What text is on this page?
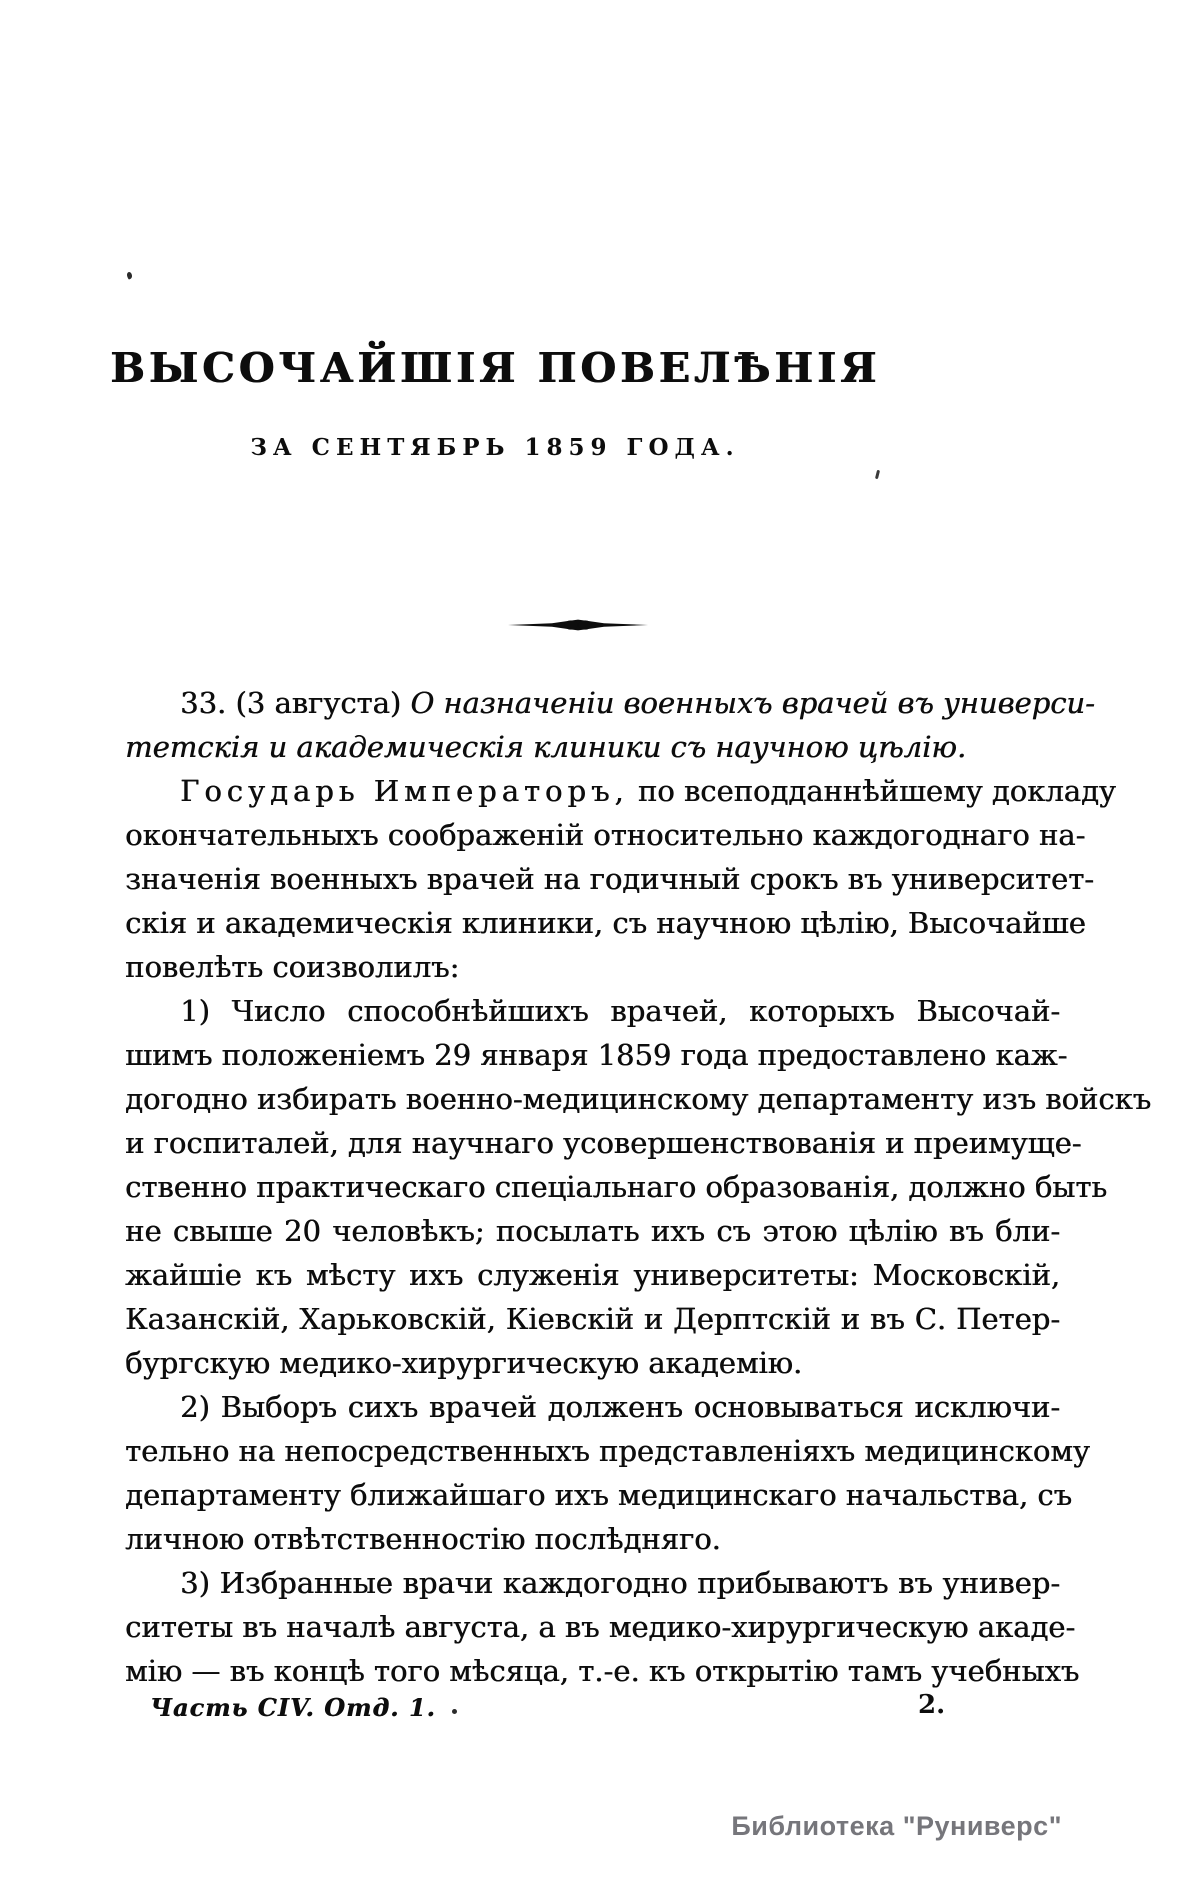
ВЫСОЧАЙШІЯ ПОВЕЛѢНІЯ
ЗА СЕНТЯБРЬ 1859 ГОДА.
33. (3 августа) О назначеніи военныхъ врачей въ универси-
тетскія и академическія клиники съ научною цѣлію.
Государь Императоръ, по всеподданнѣйшему докладу
окончательныхъ соображеній относительно каждогоднаго на-
значенія военныхъ врачей на годичный срокъ въ университет-
скія и академическія клиники, съ научною цѣлію, Высочайше
повелѣть соизволилъ:
1) Число способнѣйшихъ врачей, которыхъ Высочай-
шимъ положеніемъ 29 января 1859 года предоставлено каж-
догодно избирать военно-медицинскому департаменту изъ войскъ
и госпиталей, для научнаго усовершенствованія и преимуще-
ственно практическаго спеціальнаго образованія, должно быть
не свыше 20 человѣкъ; посылать ихъ съ этою цѣлію въ бли-
жайшіе къ мѣсту ихъ служенія университеты: Московскій,
Казанскій, Харьковскій, Кіевскій и Дерптскій и въ С. Петер-
бургскую медико-хирургическую академію.
2) Выборъ сихъ врачей долженъ основываться исключи-
тельно на непосредственныхъ представленіяхъ медицинскому
департаменту ближайшаго ихъ медицинскаго начальства, съ
личною отвѣтственностію послѣдняго.
3) Избранные врачи каждогодно прибываютъ въ универ-
ситеты въ началѣ августа, а въ медико-хирургическую акаде-
мію — въ концѣ того мѣсяца, т.-е. къ открытію тамъ учебныхъ
Часть CIV. Отд. 1.	2.
Библиотека "Руниверс"
